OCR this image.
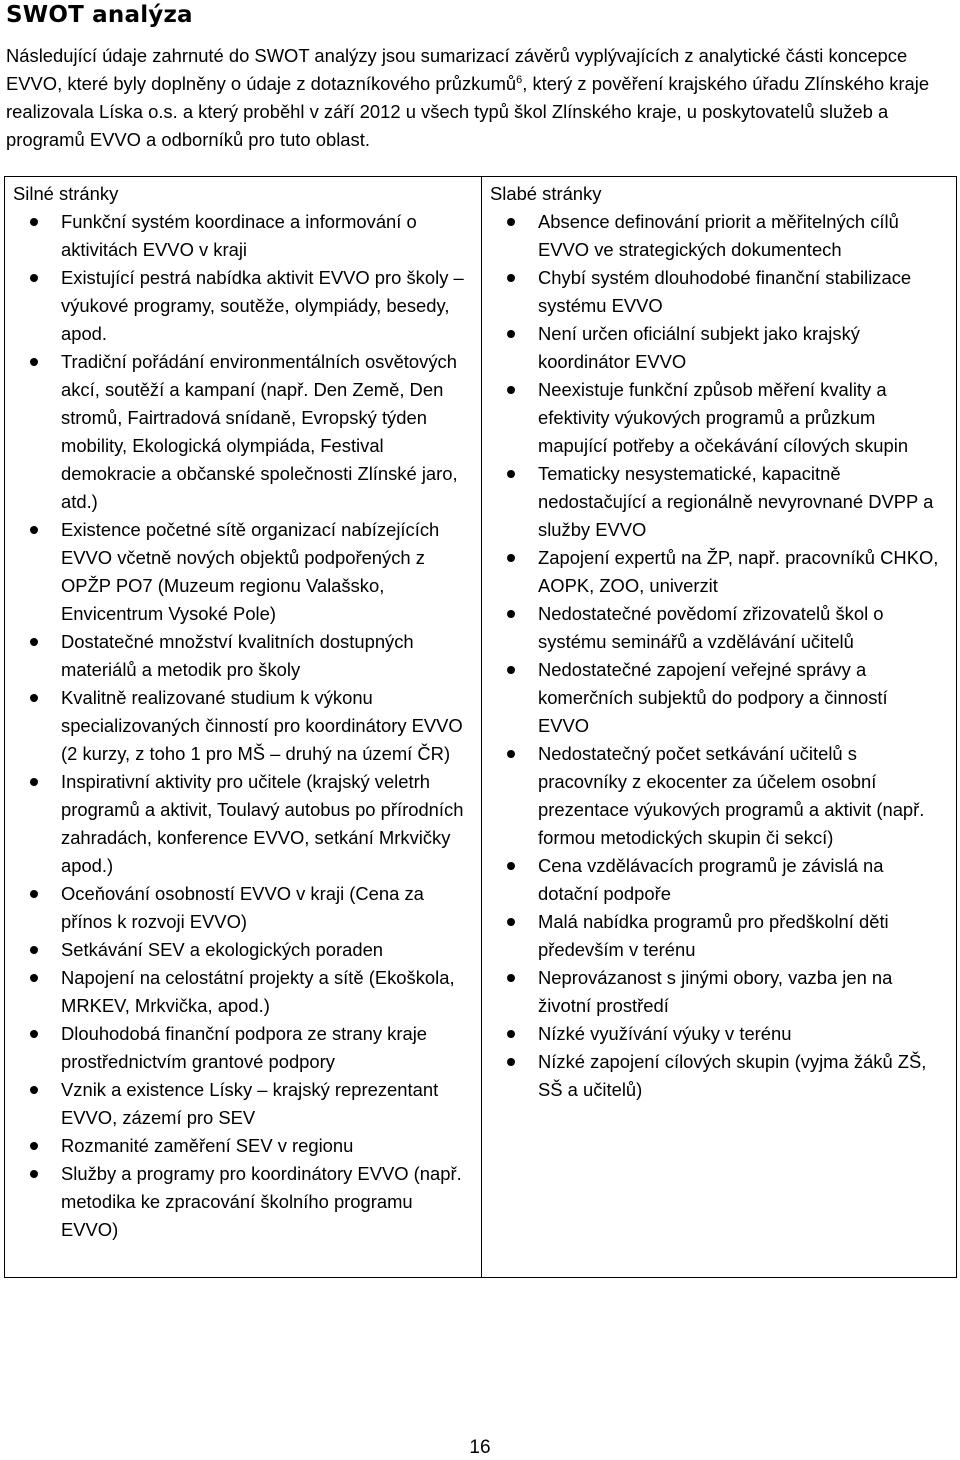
SWOT analýza

Následující údaje zahrnuté do SWOT analýzy jsou sumarizací závěrů vyplývajících z analytické části koncepce EVVO, které byly doplněny o údaje z dotazníkového průzkumů$^6$, který z pověření krajského úřadu Zlínského kraje realizovala Líska o.s. a který proběhl v září 2012 u všech typů škol Zlínského kraje, u poskytovatelů služeb a programů EVVO a odborníků pro tuto oblast.

Silné stránky
Funkční systém koordinace a informování o aktivitách EVVO v kraji
Existující pestrá nabídka aktivit EVVO pro školy – výukové programy, soutěže, olympiády, besedy, apod.
Tradiční pořádání environmentálních osvětových akcí, soutěží a kampaní (např. Den Země, Den stromů, Fairtradová snídaně, Evropský týden mobility, Ekologická olympiáda, Festival demokracie a občanské společnosti Zlínské jaro, atd.)
Existence početné sítě organizací nabízejících EVVO včetně nových objektů podpořených z OPŽP PO7 (Muzeum regionu Valašsko, Envicentrum Vysoké Pole)
Dostatečné množství kvalitních dostupných materiálů a metodik pro školy
Kvalitně realizované studium k výkonu specializovaných činností pro koordinátory EVVO (2 kurzy, z toho 1 pro MŠ – druhý na území ČR)
Inspirativní aktivity pro učitele (krajský veletrh programů a aktivit, Toulavý autobus po přírodních zahradách, konference EVVO, setkání Mrkvičky apod.)
Oceňování osobností EVVO v kraji (Cena za přínos k rozvoji EVVO)
Setkávání SEV a ekologických poraden
Napojení na celostátní projekty a sítě (Ekoškola, MRKEV, Mrkvička, apod.)
Dlouhodobá finanční podpora ze strany kraje prostřednictvím grantové podpory
Vznik a existence Lísky – krajský reprezentant EVVO, zázemí pro SEV
Rozmanité zaměření SEV v regionu
Služby a programy pro koordinátory EVVO (např. metodika ke zpracování školního programu EVVO)
Slabé stránky
Absence definování priorit a měřitelných cílů EVVO ve strategických dokumentech
Chybí systém dlouhodobé finanční stabilizace systému EVVO
Není určen oficiální subjekt jako krajský koordinátor EVVO
Neexistuje funkční způsob měření kvality a efektivity výukových programů a průzkum mapující potřeby a očekávání cílových skupin
Tematicky nesystematické, kapacitně nedostačující a regionálně nevyrovnané DVPP a služby EVVO
Zapojení expertů na ŽP, např. pracovníků CHKO, AOPK, ZOO, univerzit
Nedostatečné povědomí zřizovatelů škol o systému seminářů a vzdělávání učitelů
Nedostatečné zapojení veřejné správy a komerčních subjektů do podpory a činností EVVO
Nedostatečný počet setkávání učitelů s pracovníky z ekocenter za účelem osobní prezentace výukových programů a aktivit (např. formou metodických skupin či sekcí)
Cena vzdělávacích programů je závislá na dotační podpoře
Malá nabídka programů pro předškolní děti především v terénu
Neprovázanost s jinými obory, vazba jen na životní prostředí
Nízké využívání výuky v terénu
Nízké zapojení cílových skupin (vyjma žáků ZŠ, SŠ a učitelů)
16
